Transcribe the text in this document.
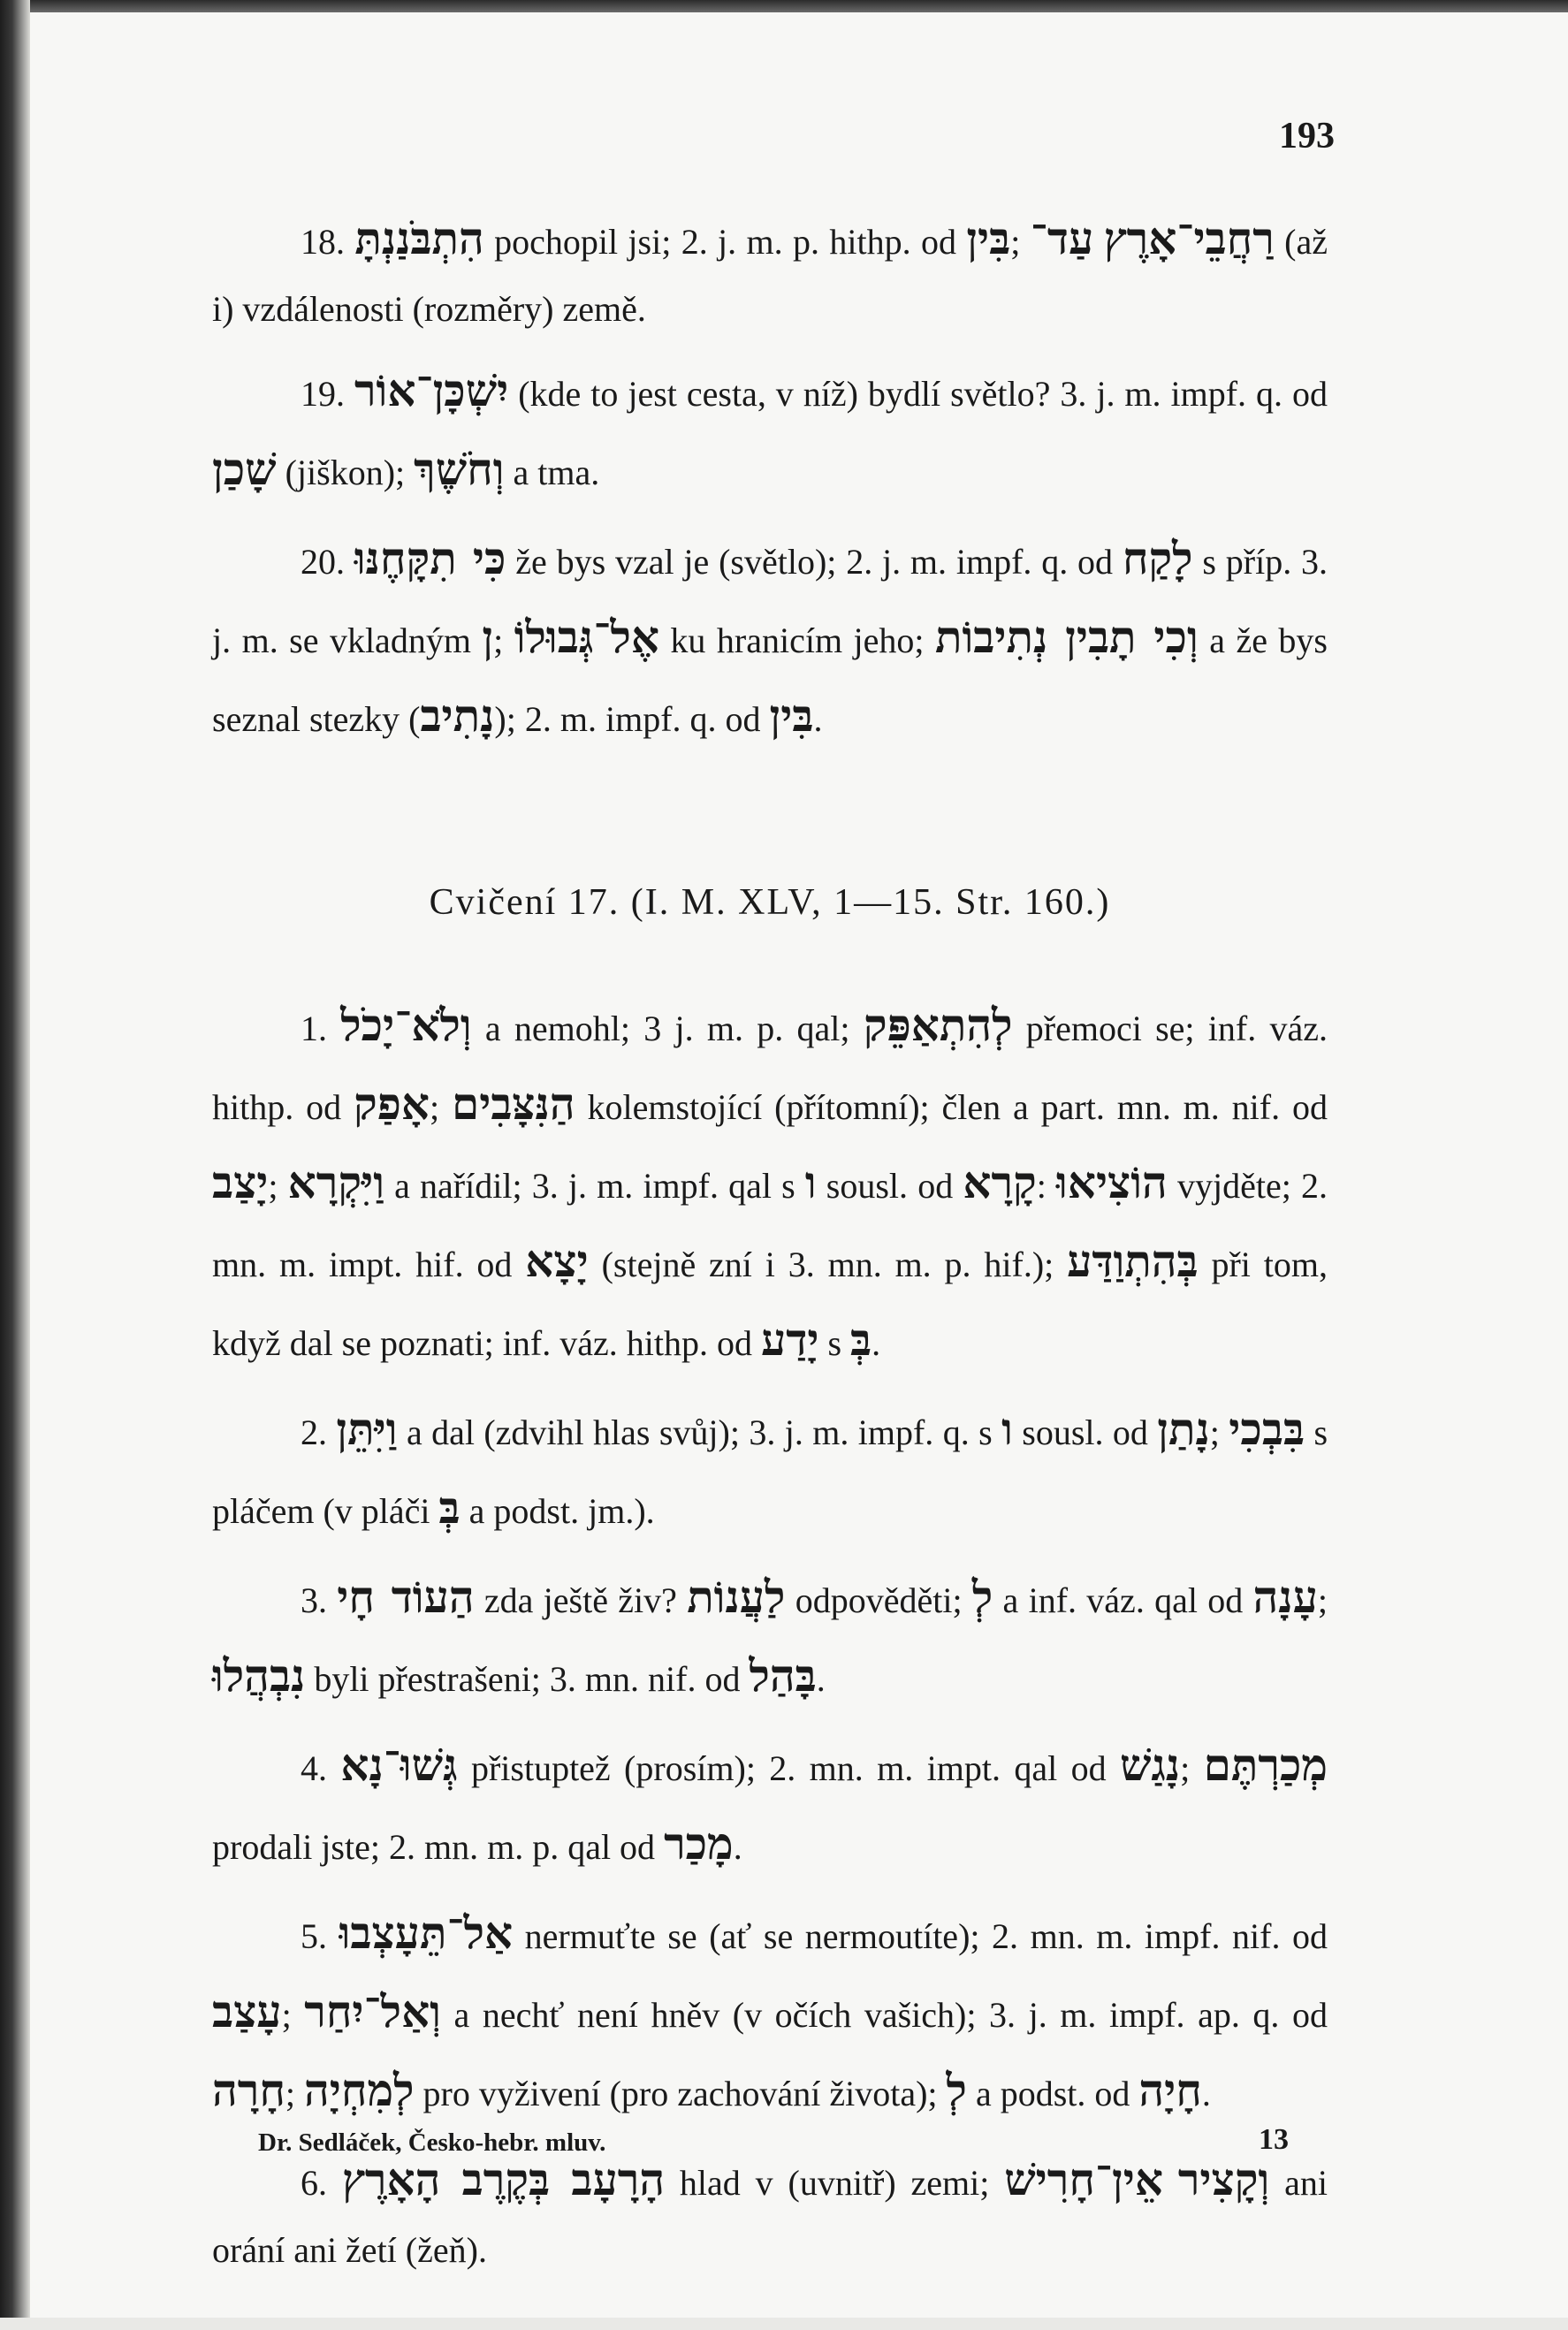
193

18. הִתְבֹּנַנְתָּ pochopil jsi; 2. j. m. p. hithp. od בִּין; עַד־ רַחֲבֵי־אָרֶץ (až i) vzdálenosti (rozměry) země.

19. יִשְׁכָּן־אוֹר (kde to jest cesta, v níž) bydlí světlo? 3. j. m. impf. q. od שָׁכַן (jiškon); וְחֹשֶׁךְ a tma.

20. כִּי תִקָּחֶנּוּ že bys vzal je (světlo); 2. j. m. impf. q. od לָקַח s příp. 3. j. m. se vkladným ן; אֶל־גְּבוּלוֹ ku hranicím jeho; וְכִי תָבִין נְתִיבוֹת a že bys seznal stezky (נָתִיב); 2. m. impf. q. od בִּין.

Cvičení 17. (I. M. XLV, 1—15. Str. 160.)

1. וְלֹא־יָכֹל a nemohl; 3 j. m. p. qal; לְהִתְאַפֵּק přemoci se; inf. váz. hithp. od אָפַק; הַנִּצָּבִים kolemstojící (přítomní); člen a part. mn. m. nif. od יָצַב; וַיִּקְרָא a nařídil; 3. j. m. impf. qal s ו sousl. od קָרָא: הוֹצִיאוּ vyjděte; 2. mn. m. impt. hif. od יָצָא (stejně zní i 3. mn. m. p. hif.); בְּהִתְוַדַּע při tom, když dal se poznati; inf. váz. hithp. od יָדַע s בְּ.

2. וַיִּתֵּן a dal (zdvihl hlas svůj); 3. j. m. impf. q. s ו sousl. od נָתַן; בִּבְכִי s pláčem (v pláči בְּ a podst. jm.).

3. הַעוֹד חָי zda ještě živ? לַעֲנוֹת odpověděti; לְ a inf. váz. qal od עָנָה; נִבְהֲלוּ byli přestrašeni; 3. mn. nif. od בָּהַל.

4. גְּשׁוּ־נָא přistuptež (prosím); 2. mn. m. impt. qal od נָגַשׁ; מְכַרְתֶּם prodali jste; 2. mn. m. p. qal od מָכַר.

5. אַל־תֵּעָצְבוּ nermuťte se (ať se nermoutíte); 2. mn. m. impf. nif. od עָצַב; וְאַל־יִחַר a nechť není hněv (v očích vašich); 3. j. m. impf. ap. q. od חָרָה; לְמִחְיָה pro vyživení (pro zachování života); לְ a podst. od חָיָה.

6. הָרָעָב בְּקֶרֶב הָאָרֶץ hlad v (uvnitř) zemi; אֵין־חָרִישׁ וְקָצִיר ani orání ani žetí (žeň).

Dr. Sedláček, Česko-hebr. mluv.	13
